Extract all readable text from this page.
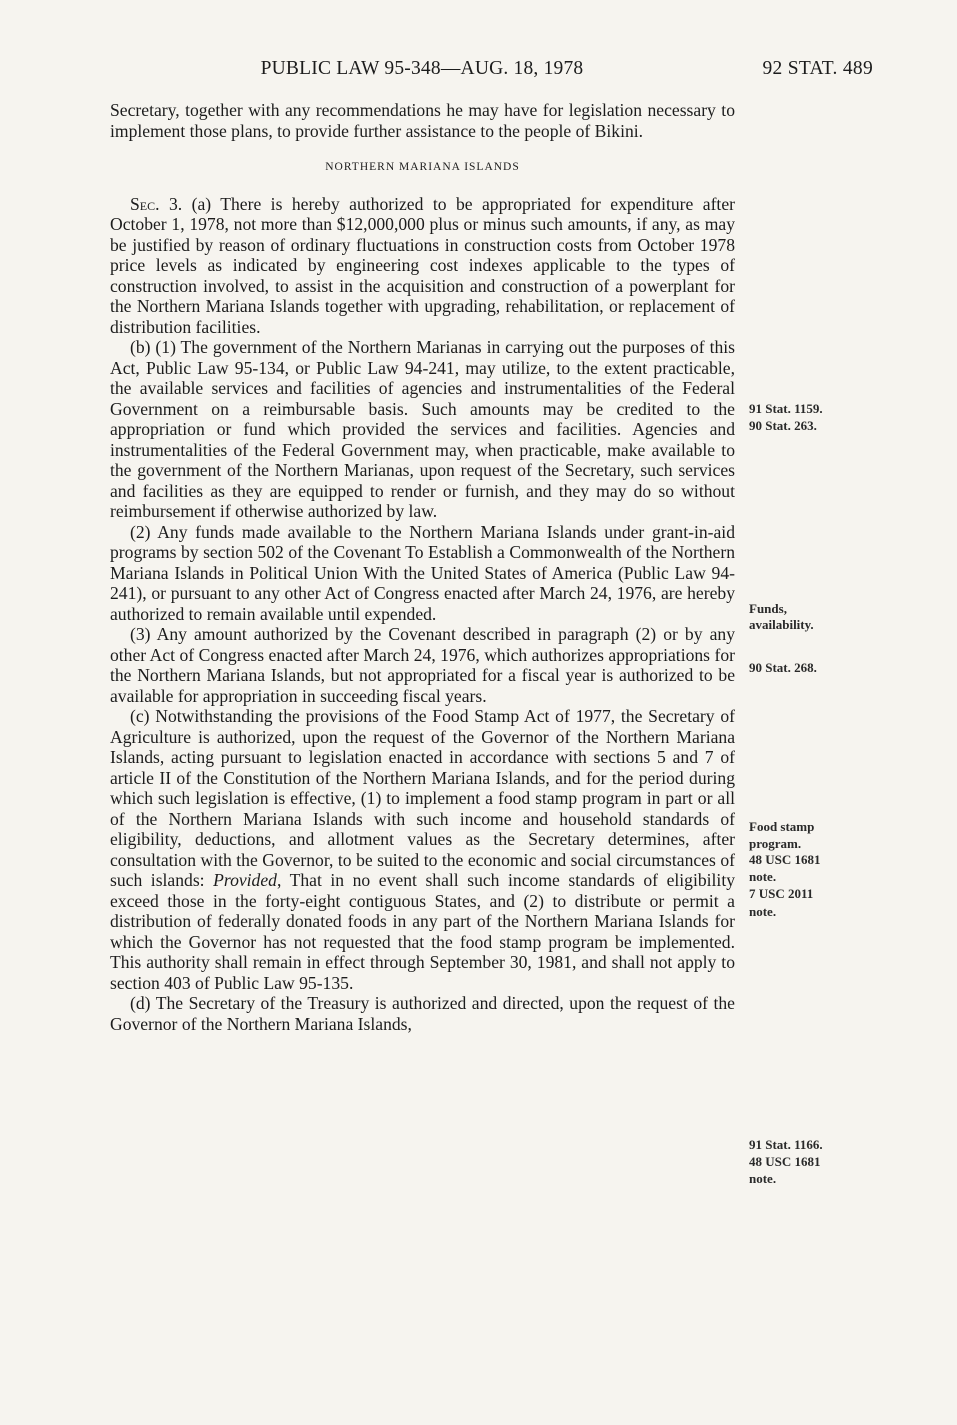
PUBLIC LAW 95-348—AUG. 18, 1978	92 STAT. 489

Secretary, together with any recommendations he may have for legislation necessary to implement those plans, to provide further assistance to the people of Bikini.

NORTHERN MARIANA ISLANDS

Sec. 3. (a) There is hereby authorized to be appropriated for expenditure after October 1, 1978, not more than $12,000,000 plus or minus such amounts, if any, as may be justified by reason of ordinary fluctuations in construction costs from October 1978 price levels as indicated by engineering cost indexes applicable to the types of construction involved, to assist in the acquisition and construction of a powerplant for the Northern Mariana Islands together with upgrading, rehabilitation, or replacement of distribution facilities.

(b) (1) The government of the Northern Marianas in carrying out the purposes of this Act, Public Law 95-134, or Public Law 94-241, may utilize, to the extent practicable, the available services and facilities of agencies and instrumentalities of the Federal Government on a reimbursable basis. Such amounts may be credited to the appropriation or fund which provided the services and facilities. Agencies and instrumentalities of the Federal Government may, when practicable, make available to the government of the Northern Marianas, upon request of the Secretary, such services and facilities as they are equipped to render or furnish, and they may do so without reimbursement if otherwise authorized by law.

(2) Any funds made available to the Northern Mariana Islands under grant-in-aid programs by section 502 of the Covenant To Establish a Commonwealth of the Northern Mariana Islands in Political Union With the United States of America (Public Law 94-241), or pursuant to any other Act of Congress enacted after March 24, 1976, are hereby authorized to remain available until expended.

(3) Any amount authorized by the Covenant described in paragraph (2) or by any other Act of Congress enacted after March 24, 1976, which authorizes appropriations for the Northern Mariana Islands, but not appropriated for a fiscal year is authorized to be available for appropriation in succeeding fiscal years.

(c) Notwithstanding the provisions of the Food Stamp Act of 1977, the Secretary of Agriculture is authorized, upon the request of the Governor of the Northern Mariana Islands, acting pursuant to legislation enacted in accordance with sections 5 and 7 of article II of the Constitution of the Northern Mariana Islands, and for the period during which such legislation is effective, (1) to implement a food stamp program in part or all of the Northern Mariana Islands with such income and household standards of eligibility, deductions, and allotment values as the Secretary determines, after consultation with the Governor, to be suited to the economic and social circumstances of such islands: Provided, That in no event shall such income standards of eligibility exceed those in the forty-eight contiguous States, and (2) to distribute or permit a distribution of federally donated foods in any part of the Northern Mariana Islands for which the Governor has not requested that the food stamp program be implemented. This authority shall remain in effect through September 30, 1981, and shall not apply to section 403 of Public Law 95-135.

(d) The Secretary of the Treasury is authorized and directed, upon the request of the Governor of the Northern Mariana Islands,

91 Stat. 1159.
90 Stat. 263.
Funds,
availability.
90 Stat. 268.
Food stamp
program.
48 USC 1681
note.
7 USC 2011
note.
91 Stat. 1166.
48 USC 1681
note.
